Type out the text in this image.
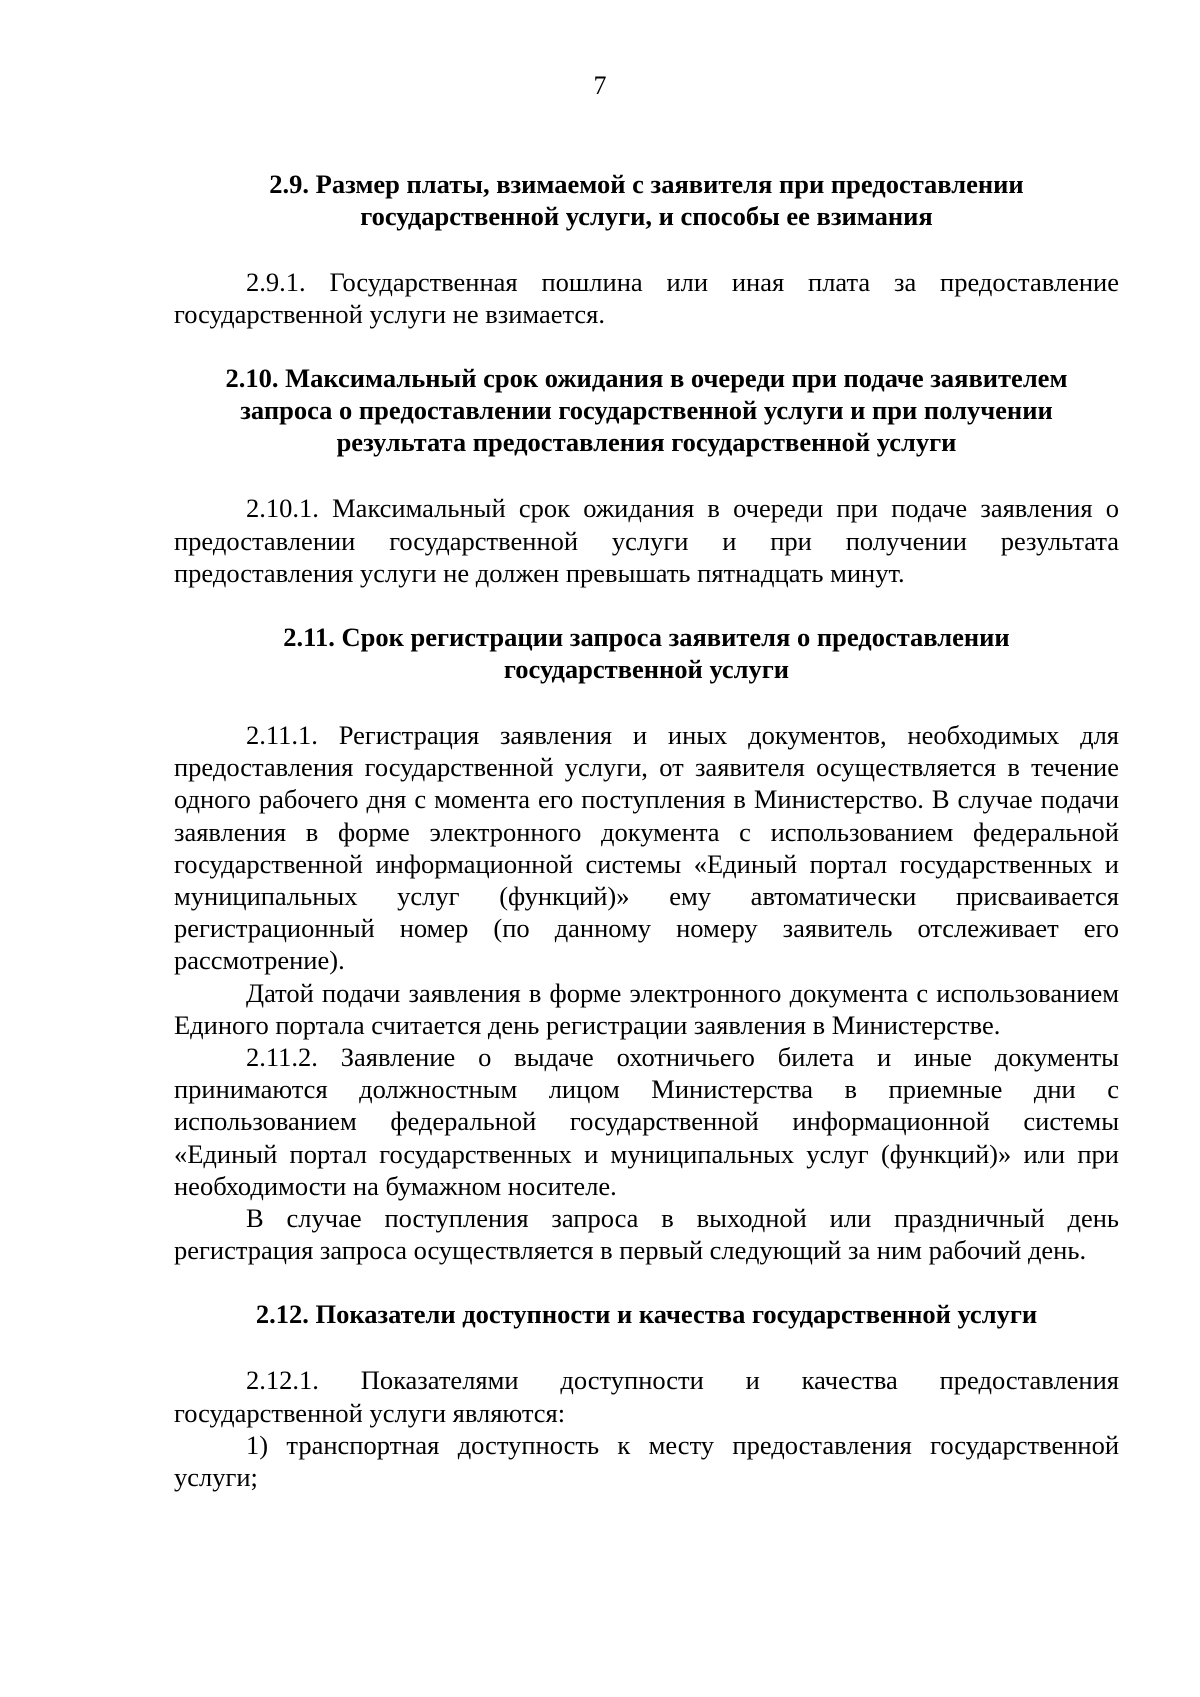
7
2.9. Размер платы, взимаемой с заявителя при предоставлении
государственной услуги, и способы ее взимания

2.9.1. Государственная пошлина или иная плата за предоставление государственной услуги не взимается.

2.10. Максимальный срок ожидания в очереди при подаче заявителем
запроса о предоставлении государственной услуги и при получении
результата предоставления государственной услуги

2.10.1. Максимальный срок ожидания в очереди при подаче заявления о предоставлении государственной услуги и при получении результата предоставления услуги не должен превышать пятнадцать минут.

2.11. Срок регистрации запроса заявителя о предоставлении
государственной услуги

2.11.1. Регистрация заявления и иных документов, необходимых для предоставления государственной услуги, от заявителя осуществляется в течение одного рабочего дня с момента его поступления в Министерство. В случае подачи заявления в форме электронного документа с использованием федеральной государственной информационной системы «Единый портал государственных и муниципальных услуг (функций)» ему автоматически присваивается регистрационный номер (по данному номеру заявитель отслеживает его рассмотрение).

Датой подачи заявления в форме электронного документа с использованием Единого портала считается день регистрации заявления в Министерстве.

2.11.2. Заявление о выдаче охотничьего билета и иные документы принимаются должностным лицом Министерства в приемные дни с использованием федеральной государственной информационной системы «Единый портал государственных и муниципальных услуг (функций)» или при необходимости на бумажном носителе.

В случае поступления запроса в выходной или праздничный день регистрация запроса осуществляется в первый следующий за ним рабочий день.

2.12. Показатели доступности и качества государственной услуги

2.12.1. Показателями доступности и качества предоставления государственной услуги являются:

1) транспортная доступность к месту предоставления государственной услуги;
